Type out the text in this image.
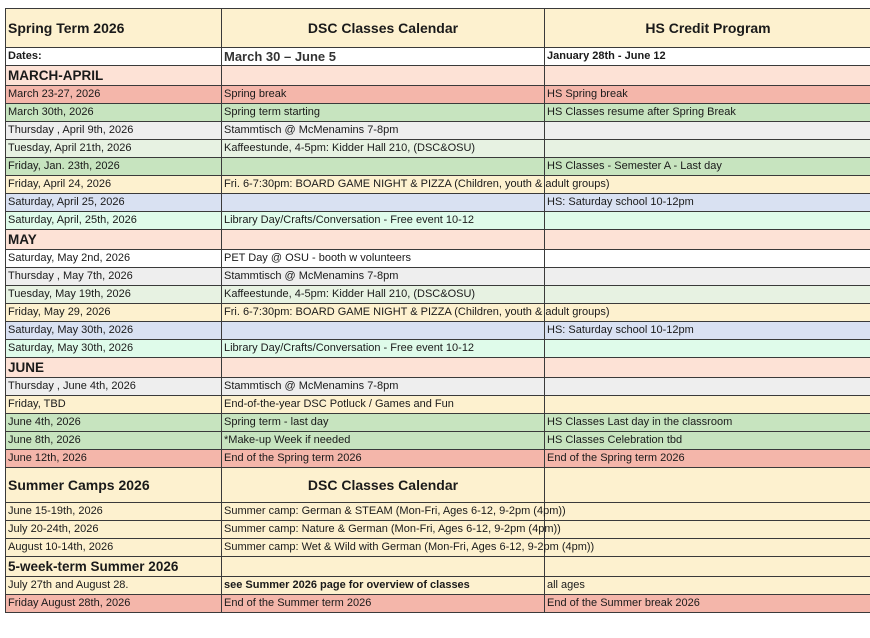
Spring Term 2026	DSC Classes Calendar	HS Credit Program
Dates:	March 30 – June 5	January 28th - June 12
MARCH-APRIL		
March 23-27, 2026	Spring break	HS Spring break
March 30th, 2026	Spring term starting	HS Classes resume after Spring Break
Thursday , April 9th, 2026	Stammtisch @ McMenamins 7-8pm	
Tuesday, April 21th, 2026	Kaffeestunde, 4-5pm: Kidder Hall 210, (DSC&OSU)	
Friday, Jan. 23th, 2026		HS Classes - Semester A - Last day
Friday, April 24, 2026	Fri. 6-7:30pm: BOARD GAME NIGHT & PIZZA (Children, youth & adult groups)	
Saturday, April 25, 2026		HS: Saturday school 10-12pm
Saturday, April, 25th, 2026	Library Day/Crafts/Conversation - Free event 10-12	
MAY		
Saturday, May 2nd, 2026	PET Day @ OSU - booth w volunteers	
Thursday , May 7th, 2026	Stammtisch @ McMenamins 7-8pm	
Tuesday, May 19th, 2026	Kaffeestunde, 4-5pm: Kidder Hall 210, (DSC&OSU)	
Friday, May 29, 2026	Fri. 6-7:30pm: BOARD GAME NIGHT & PIZZA (Children, youth & adult groups)	
Saturday, May 30th, 2026		HS: Saturday school 10-12pm
Saturday, May 30th, 2026	Library Day/Crafts/Conversation - Free event 10-12	
JUNE		
Thursday , June 4th, 2026	Stammtisch @ McMenamins 7-8pm	
Friday, TBD	End-of-the-year DSC Potluck / Games and Fun	
June 4th, 2026	Spring term - last day	HS Classes Last day in the classroom
June 8th, 2026	*Make-up Week if needed	HS Classes Celebration tbd
June 12th, 2026	End of the Spring term 2026	End of the Spring term 2026
Summer Camps 2026	DSC Classes Calendar	
June 15-19th, 2026	Summer camp: German & STEAM (Mon-Fri, Ages 6-12, 9-2pm (4pm))	
July 20-24th, 2026	Summer camp: Nature & German (Mon-Fri, Ages 6-12, 9-2pm (4pm))	
August 10-14th, 2026	Summer camp: Wet & Wild with German (Mon-Fri, Ages 6-12, 9-2pm (4pm))	
5-week-term Summer 2026		
July 27th and August 28.	see Summer 2026 page for overview of classes	all ages
Friday August 28th, 2026	End of the Summer term 2026	End of the Summer break 2026
